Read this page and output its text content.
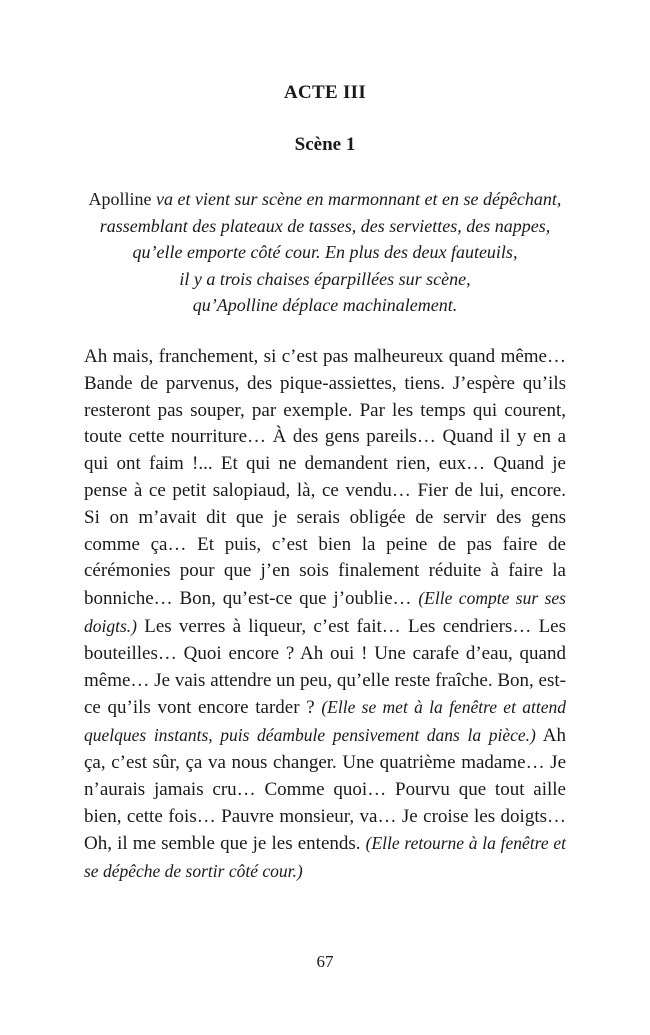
ACTE III
Scène 1
Apolline va et vient sur scène en marmonnant et en se dépêchant,
rassemblant des plateaux de tasses, des serviettes, des nappes,
qu’elle emporte côté cour. En plus des deux fauteuils,
il y a trois chaises éparpillées sur scène,
qu’Apolline déplace machinalement.
Ah mais, franchement, si c’est pas malheureux quand même… Bande de parvenus, des pique-assiettes, tiens. J’espère qu’ils resteront pas souper, par exemple. Par les temps qui courent, toute cette nourriture… À des gens pareils… Quand il y en a qui ont faim !... Et qui ne demandent rien, eux… Quand je pense à ce petit salopiaud, là, ce vendu… Fier de lui, encore. Si on m’avait dit que je serais obligée de servir des gens comme ça… Et puis, c’est bien la peine de pas faire de cérémonies pour que j’en sois finalement réduite à faire la bonniche… Bon, qu’est-ce que j’oublie… (Elle compte sur ses doigts.) Les verres à liqueur, c’est fait… Les cendriers… Les bouteilles… Quoi encore ? Ah oui ! Une carafe d’eau, quand même… Je vais attendre un peu, qu’elle reste fraîche. Bon, est-ce qu’ils vont encore tarder ? (Elle se met à la fenêtre et attend quelques instants, puis déambule pensivement dans la pièce.) Ah ça, c’est sûr, ça va nous changer. Une quatrième madame… Je n’aurais jamais cru… Comme quoi… Pourvu que tout aille bien, cette fois… Pauvre monsieur, va… Je croise les doigts… Oh, il me semble que je les entends. (Elle retourne à la fenêtre et se dépêche de sortir côté cour.)
67
